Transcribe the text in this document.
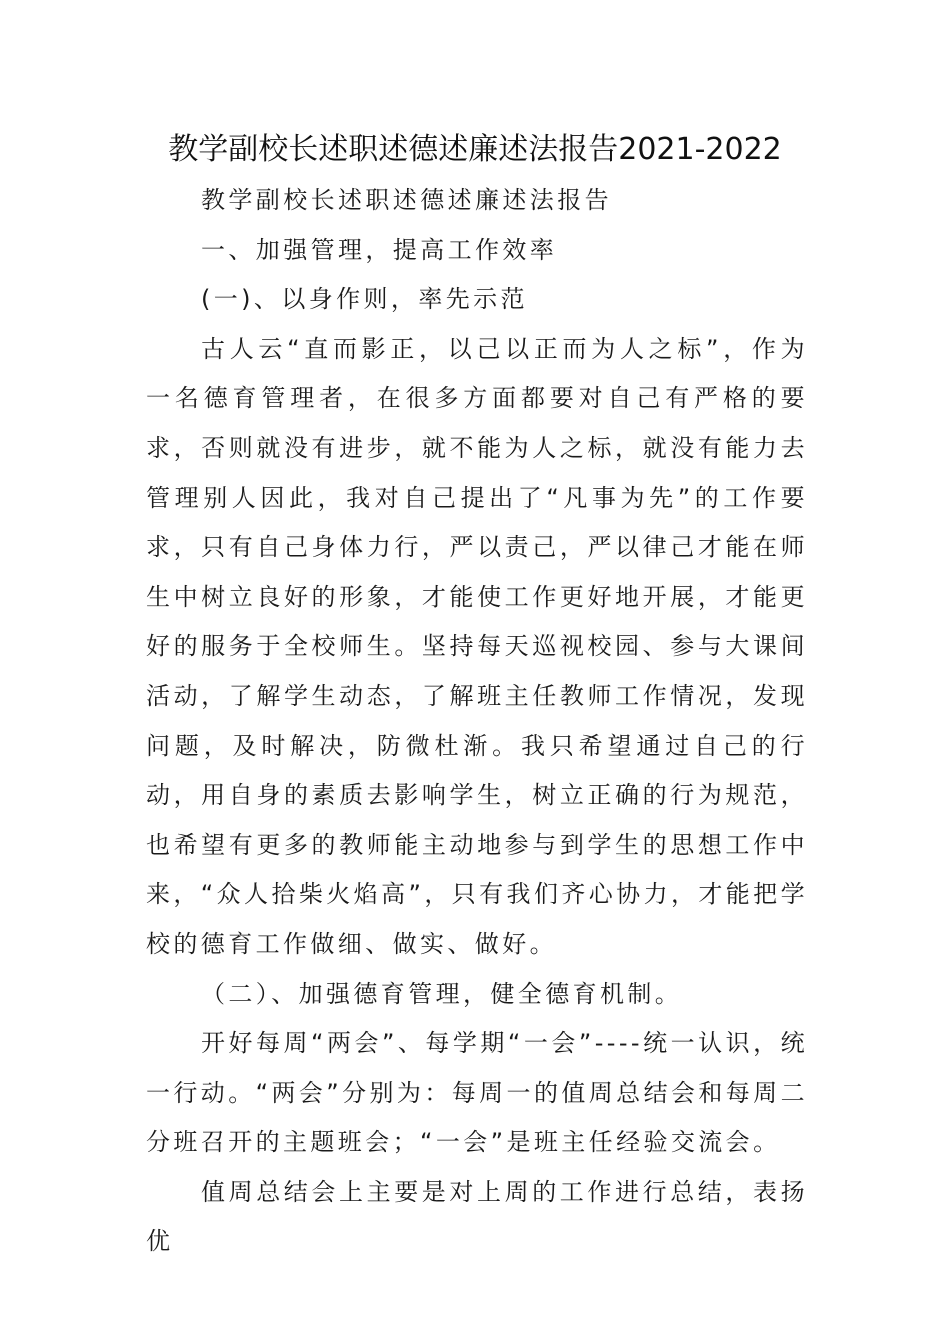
教学副校长述职述德述廉述法报告2021-2022

教学副校长述职述德述廉述法报告

一、加强管理，提高工作效率

(一)、以身作则，率先示范

古人云“直而影正，以己以正而为人之标”，作为一名德育管理者，在很多方面都要对自己有严格的要求，否则就没有进步，就不能为人之标，就没有能力去管理别人因此，我对自己提出了“凡事为先”的工作要求，只有自己身体力行，严以责己，严以律己才能在师生中树立良好的形象，才能使工作更好地开展，才能更好的服务于全校师生。坚持每天巡视校园、参与大课间活动，了解学生动态，了解班主任教师工作情况，发现问题，及时解决，防微杜渐。我只希望通过自己的行动，用自身的素质去影响学生，树立正确的行为规范，也希望有更多的教师能主动地参与到学生的思想工作中来，“众人拾柴火焰高”，只有我们齐心协力，才能把学校的德育工作做细、做实、做好。

（二）、加强德育管理，健全德育机制。

开好每周“两会”、每学期“一会”----统一认识，统一行动。“两会”分别为：每周一的值周总结会和每周二分班召开的主题班会；“一会”是班主任经验交流会。

值周总结会上主要是对上周的工作进行总结，表扬优
